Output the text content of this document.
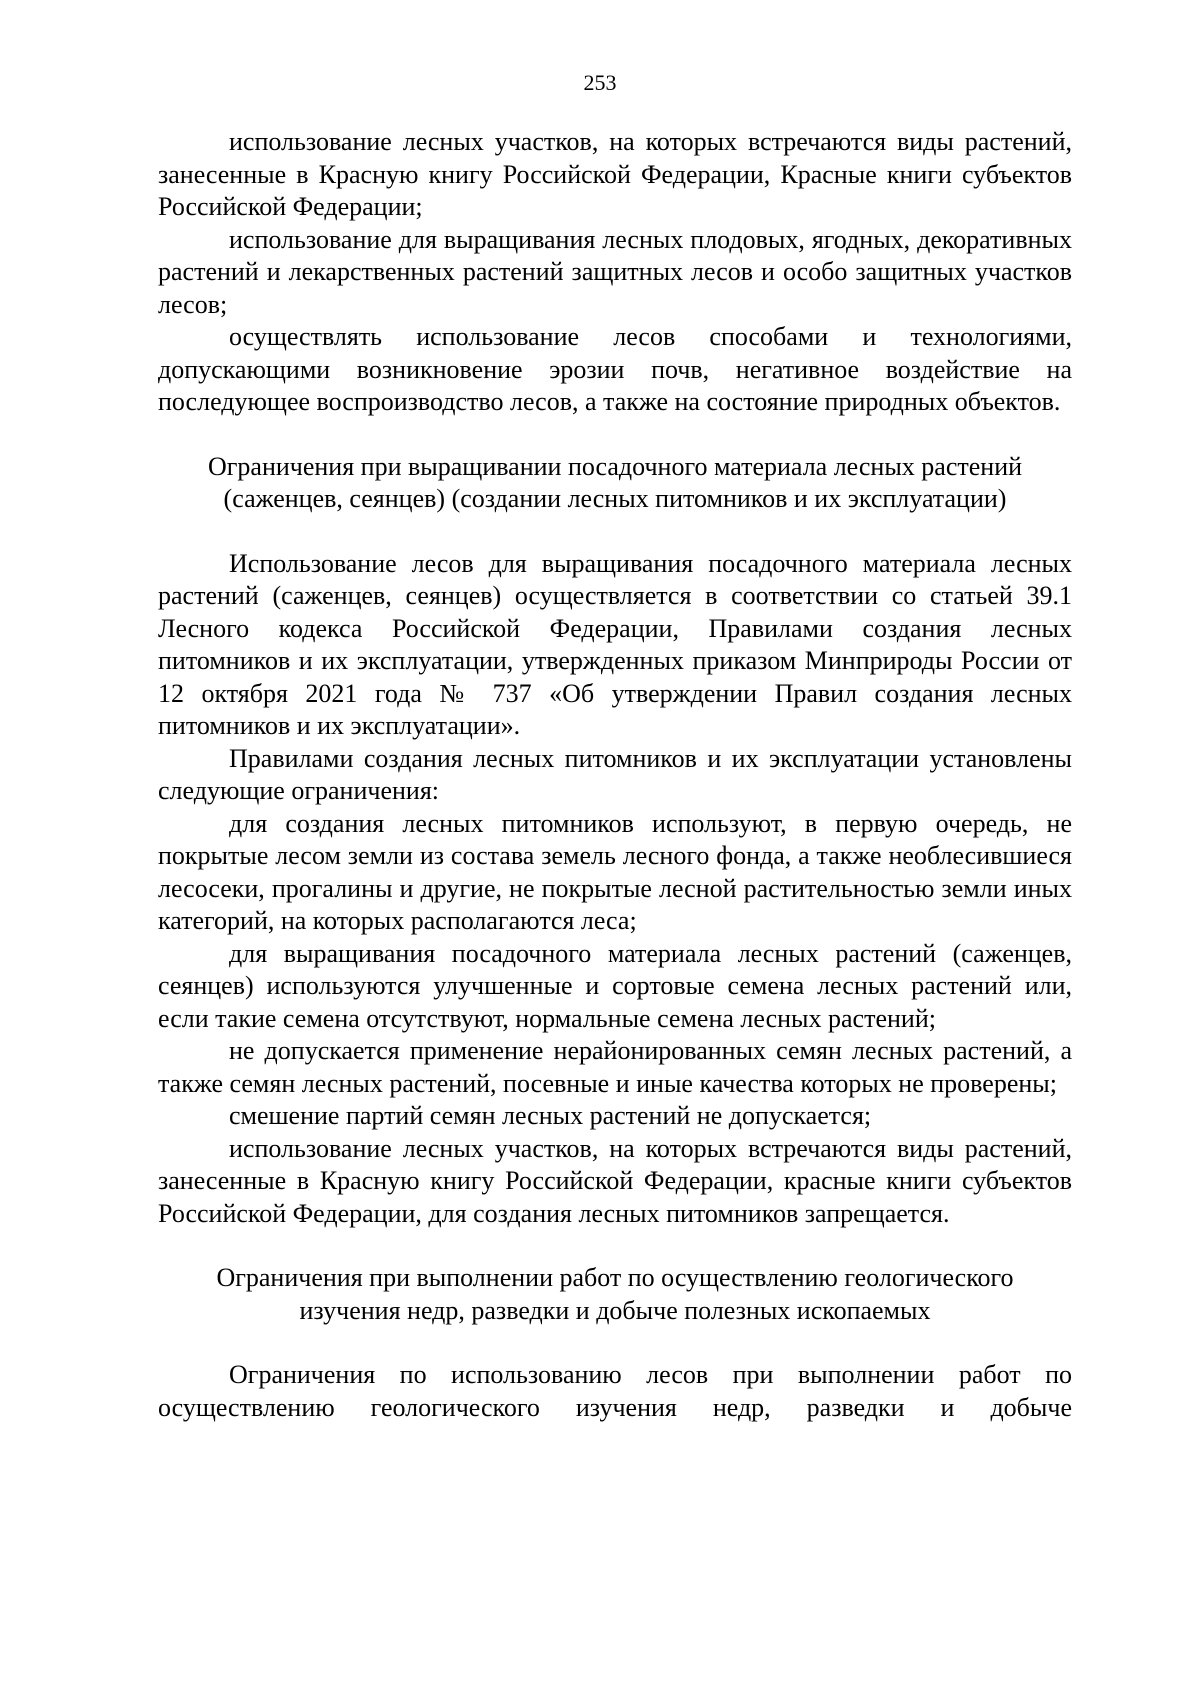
253

использование лесных участков, на которых встречаются виды растений, занесенные в Красную книгу Российской Федерации, Красные книги субъектов Российской Федерации;

использование для выращивания лесных плодовых, ягодных, декоративных растений и лекарственных растений защитных лесов и особо защитных участков лесов;

осуществлять использование лесов способами и технологиями, допускающими возникновение эрозии почв, негативное воздействие на последующее воспроизводство лесов, а также на состояние природных объектов.

Ограничения при выращивании посадочного материала лесных растений (саженцев, сеянцев) (создании лесных питомников и их эксплуатации)

Использование лесов для выращивания посадочного материала лесных растений (саженцев, сеянцев) осуществляется в соответствии со статьей 39.1 Лесного кодекса Российской Федерации, Правилами создания лесных питомников и их эксплуатации, утвержденных приказом Минприроды России от 12 октября 2021 года № 737 «Об утверждении Правил создания лесных питомников и их эксплуатации».

Правилами создания лесных питомников и их эксплуатации установлены следующие ограничения:

для создания лесных питомников используют, в первую очередь, не покрытые лесом земли из состава земель лесного фонда, а также необлесившиеся лесосеки, прогалины и другие, не покрытые лесной растительностью земли иных категорий, на которых располагаются леса;

для выращивания посадочного материала лесных растений (саженцев, сеянцев) используются улучшенные и сортовые семена лесных растений или, если такие семена отсутствуют, нормальные семена лесных растений;

не допускается применение нерайонированных семян лесных растений, а также семян лесных растений, посевные и иные качества которых не проверены;

смешение партий семян лесных растений не допускается;

использование лесных участков, на которых встречаются виды растений, занесенные в Красную книгу Российской Федерации, красные книги субъектов Российской Федерации, для создания лесных питомников запрещается.

Ограничения при выполнении работ по осуществлению геологического изучения недр, разведки и добыче полезных ископаемых

Ограничения по использованию лесов при выполнении работ по осуществлению геологического изучения недр, разведки и добыче
